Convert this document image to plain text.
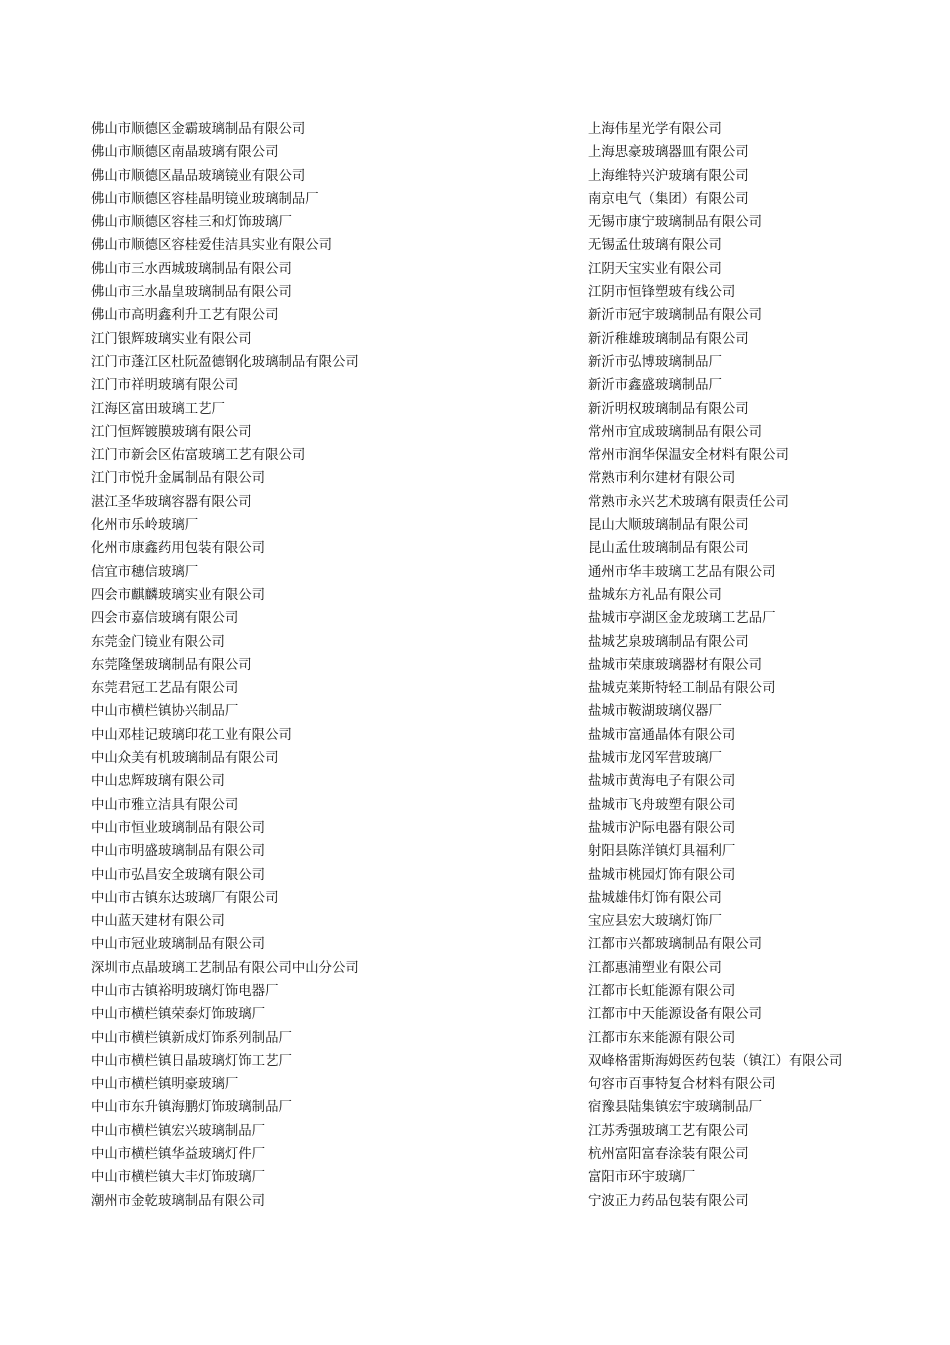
佛山市顺德区金霸玻璃制品有限公司
佛山市顺德区南晶玻璃有限公司
佛山市顺德区晶品玻璃镜业有限公司
佛山市顺德区容桂晶明镜业玻璃制品厂
佛山市顺德区容桂三和灯饰玻璃厂
佛山市顺德区容桂爱佳洁具实业有限公司
佛山市三水西城玻璃制品有限公司
佛山市三水晶皇玻璃制品有限公司
佛山市高明鑫利升工艺有限公司
江门银辉玻璃实业有限公司
江门市蓬江区杜阮盈德钢化玻璃制品有限公司
江门市祥明玻璃有限公司
江海区富田玻璃工艺厂
江门恒辉镀膜玻璃有限公司
江门市新会区佑富玻璃工艺有限公司
江门市悦升金属制品有限公司
湛江圣华玻璃容器有限公司
化州市乐岭玻璃厂
化州市康鑫药用包装有限公司
信宜市穗信玻璃厂
四会市麒麟玻璃实业有限公司
四会市嘉信玻璃有限公司
东莞金门镜业有限公司
东莞隆堡玻璃制品有限公司
东莞君冠工艺品有限公司
中山市横栏镇协兴制品厂
中山邓桂记玻璃印花工业有限公司
中山众美有机玻璃制品有限公司
中山忠辉玻璃有限公司
中山市雅立洁具有限公司
中山市恒业玻璃制品有限公司
中山市明盛玻璃制品有限公司
中山市弘昌安全玻璃有限公司
中山市古镇东达玻璃厂有限公司
中山蓝天建材有限公司
中山市冠业玻璃制品有限公司
深圳市点晶玻璃工艺制品有限公司中山分公司
中山市古镇裕明玻璃灯饰电器厂
中山市横栏镇荣泰灯饰玻璃厂
中山市横栏镇新成灯饰系列制品厂
中山市横栏镇日晶玻璃灯饰工艺厂
中山市横栏镇明豪玻璃厂
中山市东升镇海鹏灯饰玻璃制品厂
中山市横栏镇宏兴玻璃制品厂
中山市横栏镇华益玻璃灯件厂
中山市横栏镇大丰灯饰玻璃厂
潮州市金乾玻璃制品有限公司
上海伟星光学有限公司
上海思豪玻璃器皿有限公司
上海维特兴沪玻璃有限公司
南京电气（集团）有限公司
无锡市康宁玻璃制品有限公司
无锡孟仕玻璃有限公司
江阴天宝实业有限公司
江阴市恒锋塑玻有线公司
新沂市冠宇玻璃制品有限公司
新沂稚雄玻璃制品有限公司
新沂市弘博玻璃制品厂
新沂市鑫盛玻璃制品厂
新沂明权玻璃制品有限公司
常州市宜成玻璃制品有限公司
常州市润华保温安全材料有限公司
常熟市利尔建材有限公司
常熟市永兴艺术玻璃有限责任公司
昆山大顺玻璃制品有限公司
昆山孟仕玻璃制品有限公司
通州市华丰玻璃工艺品有限公司
盐城东方礼品有限公司
盐城市亭湖区金龙玻璃工艺品厂
盐城艺泉玻璃制品有限公司
盐城市荣康玻璃器材有限公司
盐城克莱斯特轻工制品有限公司
盐城市鞍湖玻璃仪器厂
盐城市富通晶体有限公司
盐城市龙冈军营玻璃厂
盐城市黄海电子有限公司
盐城市飞舟玻塑有限公司
盐城市沪际电器有限公司
射阳县陈洋镇灯具福利厂
盐城市桃园灯饰有限公司
盐城雄伟灯饰有限公司
宝应县宏大玻璃灯饰厂
江都市兴都玻璃制品有限公司
江都惠浦塑业有限公司
江都市长虹能源有限公司
江都市中天能源设备有限公司
江都市东来能源有限公司
双峰格雷斯海姆医药包装（镇江）有限公司
句容市百事特复合材料有限公司
宿豫县陆集镇宏宇玻璃制品厂
江苏秀强玻璃工艺有限公司
杭州富阳富春涂装有限公司
富阳市环宇玻璃厂
宁波正力药品包装有限公司
